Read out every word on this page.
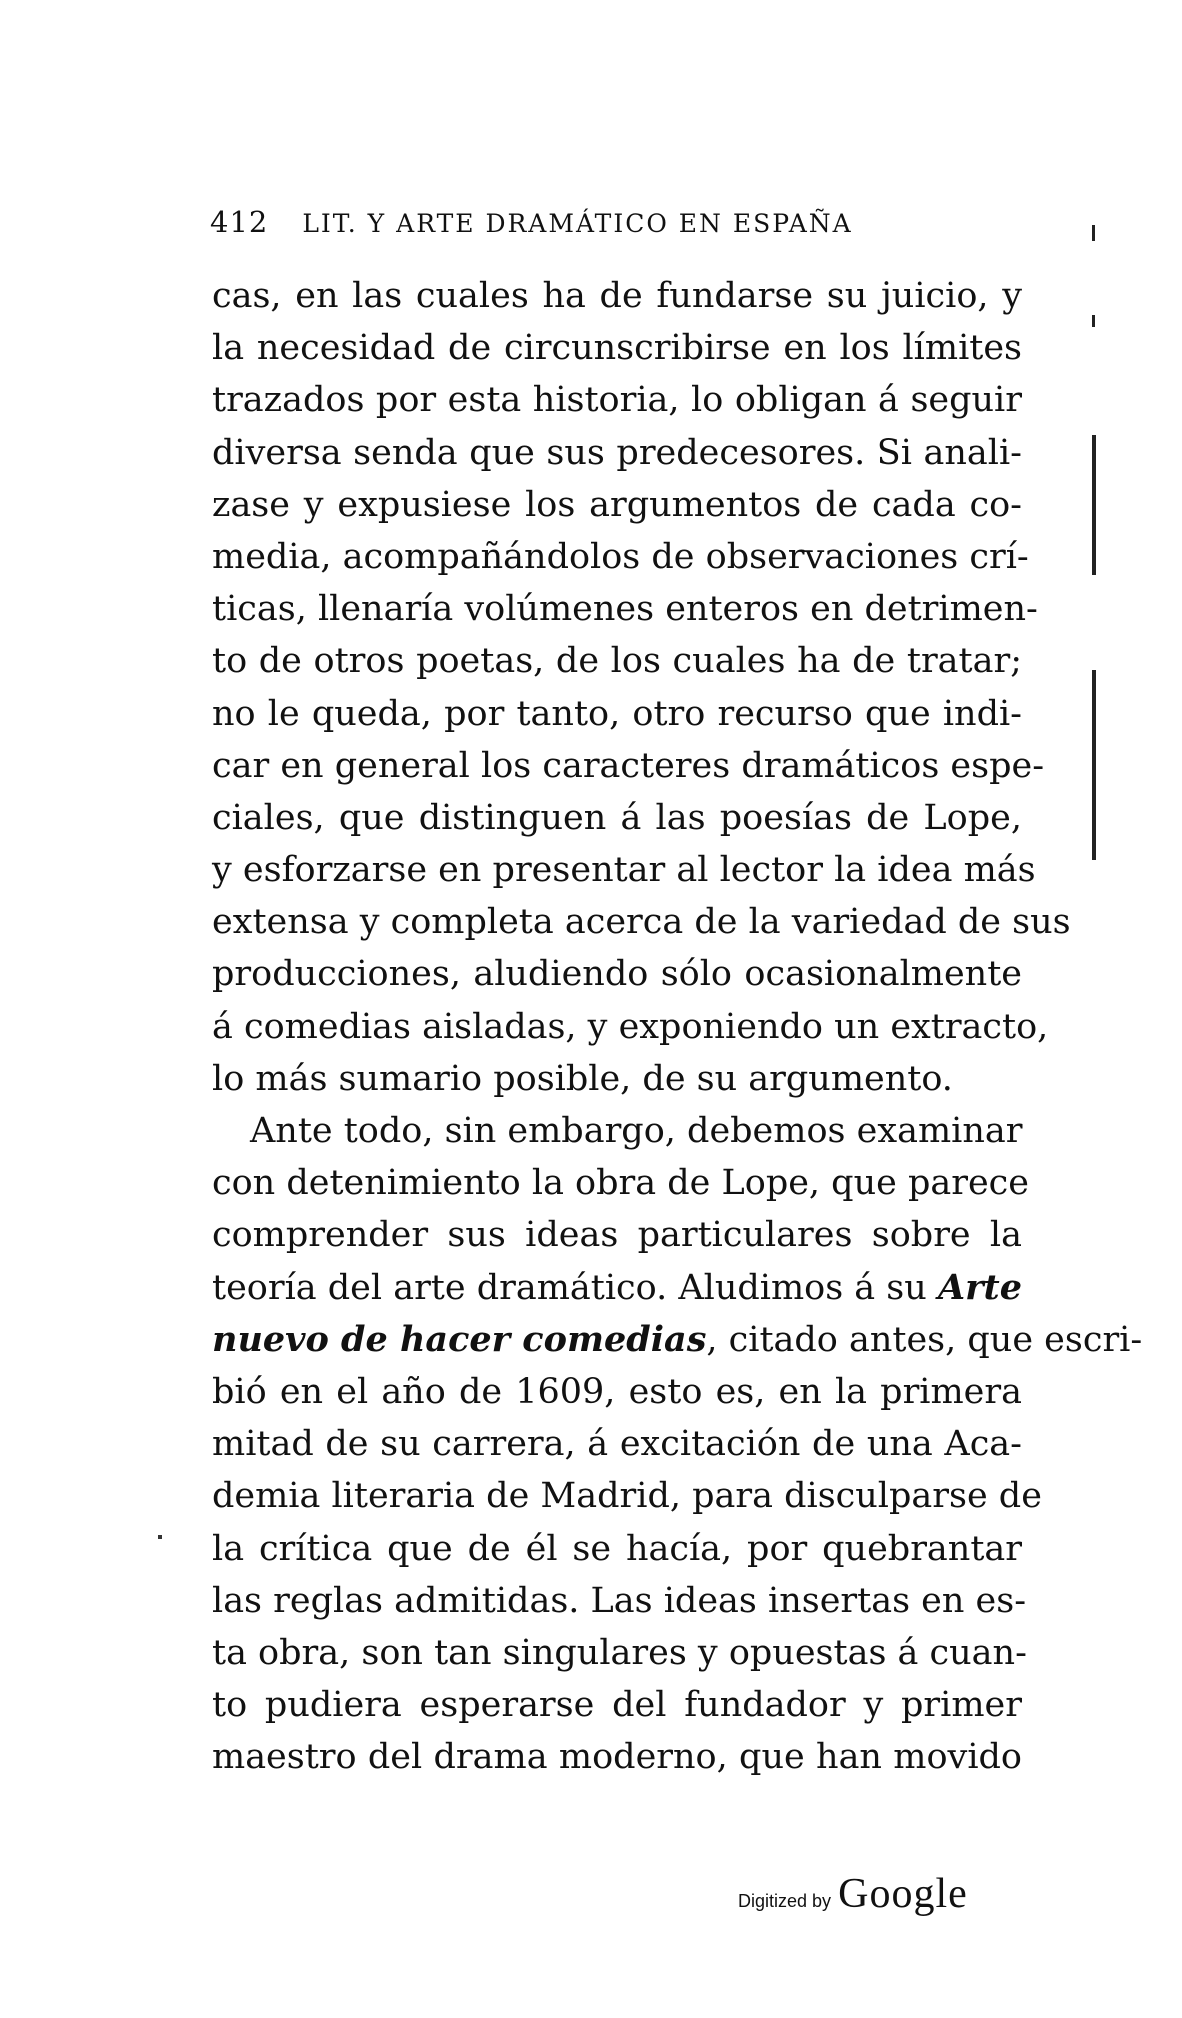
412 LIT. Y ARTE DRAMÁTICO EN ESPAÑA
cas, en las cuales ha de fundarse su juicio, y
la necesidad de circunscribirse en los límites
trazados por esta historia, lo obligan á seguir
diversa senda que sus predecesores. Si anali-
zase y expusiese los argumentos de cada co-
media, acompañándolos de observaciones crí-
ticas, llenaría volúmenes enteros en detrimen-
to de otros poetas, de los cuales ha de tratar;
no le queda, por tanto, otro recurso que indi-
car en general los caracteres dramáticos espe-
ciales, que distinguen á las poesías de Lope,
y esforzarse en presentar al lector la idea más
extensa y completa acerca de la variedad de sus
producciones, aludiendo sólo ocasionalmente
á comedias aisladas, y exponiendo un extracto,
lo más sumario posible, de su argumento.
Ante todo, sin embargo, debemos examinar
con detenimiento la obra de Lope, que parece
comprender sus ideas particulares sobre la
teoría del arte dramático. Aludimos á su Arte
nuevo de hacer comedias, citado antes, que escri-
bió en el año de 1609, esto es, en la primera
mitad de su carrera, á excitación de una Aca-
demia literaria de Madrid, para disculparse de
la crítica que de él se hacía, por quebrantar
las reglas admitidas. Las ideas insertas en es-
ta obra, son tan singulares y opuestas á cuan-
to pudiera esperarse del fundador y primer
maestro del drama moderno, que han movido
Digitized by Google
